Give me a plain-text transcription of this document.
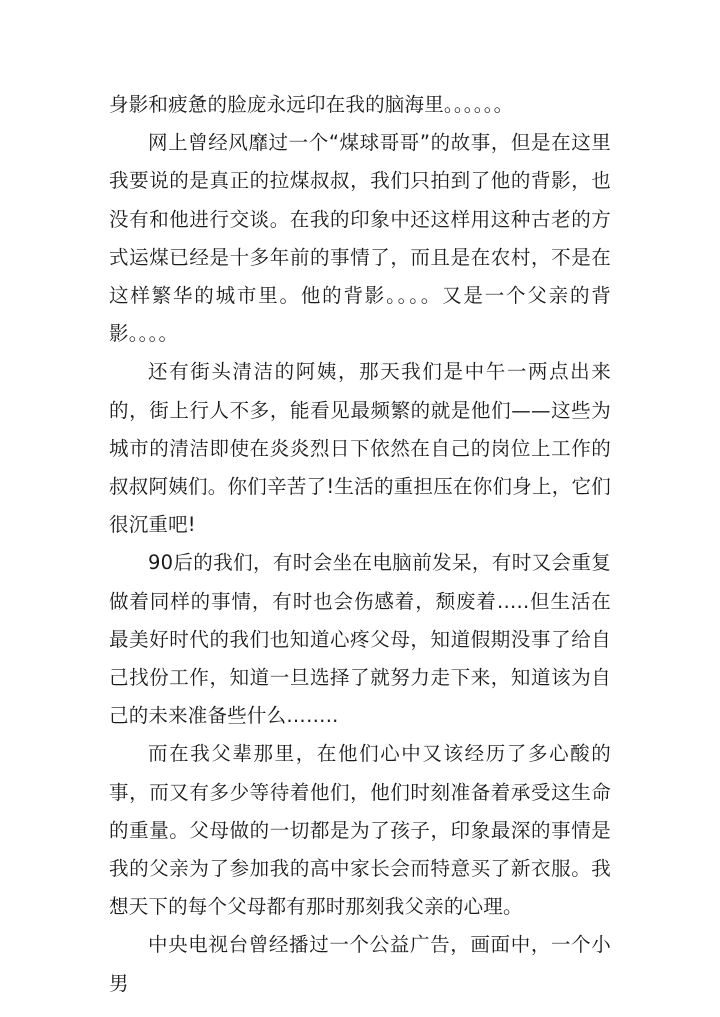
身影和疲惫的脸庞永远印在我的脑海里。。。。。。

网上曾经风靡过一个“煤球哥哥”的故事，但是在这里我要说的是真正的拉煤叔叔，我们只拍到了他的背影，也没有和他进行交谈。在我的印象中还这样用这种古老的方式运煤已经是十多年前的事情了，而且是在农村，不是在这样繁华的城市里。他的背影。。。。又是一个父亲的背影。。。。

还有街头清洁的阿姨，那天我们是中午一两点出来的，街上行人不多，能看见最频繁的就是他们——这些为城市的清洁即使在炎炎烈日下依然在自己的岗位上工作的叔叔阿姨们。你们辛苦了!生活的重担压在你们身上，它们很沉重吧!

90后的我们，有时会坐在电脑前发呆，有时又会重复做着同样的事情，有时也会伤感着，颓废着…..但生活在最美好时代的我们也知道心疼父母，知道假期没事了给自己找份工作，知道一旦选择了就努力走下来，知道该为自己的未来准备些什么……..

而在我父辈那里，在他们心中又该经历了多心酸的事，而又有多少等待着他们，他们时刻准备着承受这生命的重量。父母做的一切都是为了孩子，印象最深的事情是我的父亲为了参加我的高中家长会而特意买了新衣服。我想天下的每个父母都有那时那刻我父亲的心理。

中央电视台曾经播过一个公益广告，画面中，一个小男
